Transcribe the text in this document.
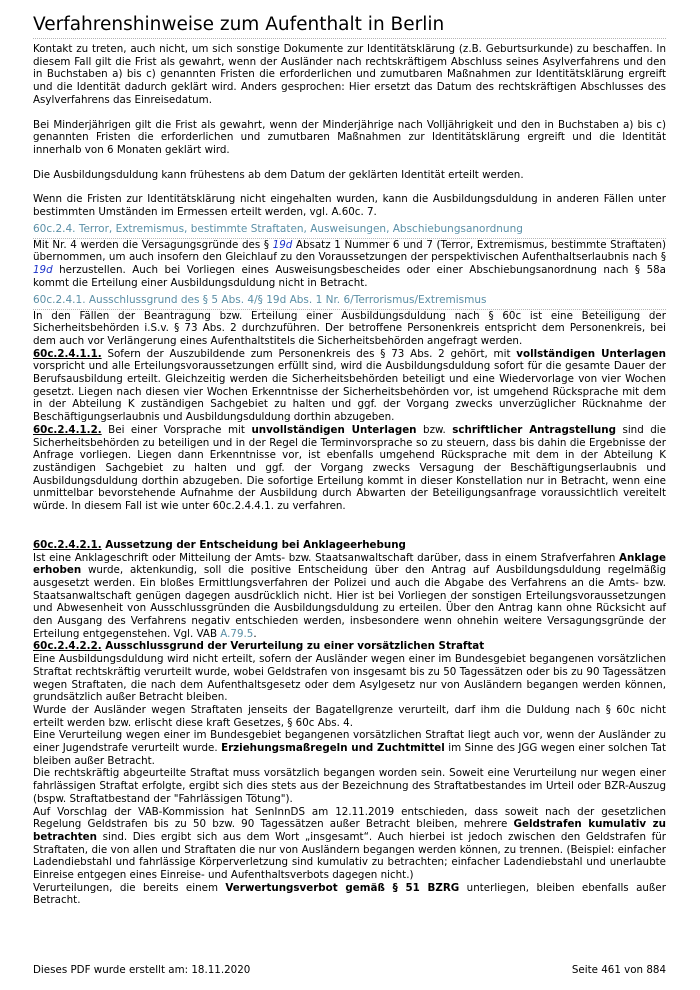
Verfahrenshinweise zum Aufenthalt in Berlin

Kontakt zu treten, auch nicht, um sich sonstige Dokumente zur Identitätsklärung (z.B. Geburtsurkunde) zu beschaffen. In diesem Fall gilt die Frist als gewahrt, wenn der Ausländer nach rechtskräftigem Abschluss seines Asylverfahrens und den in Buchstaben a) bis c) genannten Fristen die erforderlichen und zumutbaren Maßnahmen zur Identitätsklärung ergreift und die Identität dadurch geklärt wird. Anders gesprochen: Hier ersetzt das Datum des rechtskräftigen Abschlusses des Asylverfahrens das Einreisedatum.

Bei Minderjährigen gilt die Frist als gewahrt, wenn der Minderjährige nach Volljährigkeit und den in Buchstaben a) bis c) genannten Fristen die erforderlichen und zumutbaren Maßnahmen zur Identitätsklärung ergreift und die Identität innerhalb von 6 Monaten geklärt wird.

Die Ausbildungsduldung kann frühestens ab dem Datum der geklärten Identität erteilt werden.

Wenn die Fristen zur Identitätsklärung nicht eingehalten wurden, kann die Ausbildungsduldung in anderen Fällen unter bestimmten Umständen im Ermessen erteilt werden, vgl. A.60c. 7.

60c.2.4. Terror, Extremismus, bestimmte Straftaten, Ausweisungen, Abschiebungsanordnung

Mit Nr. 4 werden die Versagungsgründe des § 19d Absatz 1 Nummer 6 und 7 (Terror, Extremismus, bestimmte Straftaten) übernommen, um auch insofern den Gleichlauf zu den Voraussetzungen der perspektivischen Aufenthaltserlaubnis nach § 19d herzustellen. Auch bei Vorliegen eines Ausweisungsbescheides oder einer Abschiebungsanordnung nach § 58a kommt die Erteilung einer Ausbildungsduldung nicht in Betracht.

60c.2.4.1. Ausschlussgrund des § 5 Abs. 4/§ 19d Abs. 1 Nr. 6/Terrorismus/Extremismus

In den Fällen der Beantragung bzw. Erteilung einer Ausbildungsduldung nach § 60c ist eine Beteiligung der Sicherheitsbehörden i.S.v. § 73 Abs. 2 durchzuführen. Der betroffene Personenkreis entspricht dem Personenkreis, bei dem auch vor Verlängerung eines Aufenthaltstitels die Sicherheitsbehörden angefragt werden.

60c.2.4.1.1. Sofern der Auszubildende zum Personenkreis des § 73 Abs. 2 gehört, mit vollständigen Unterlagen vorspricht und alle Erteilungsvoraussetzungen erfüllt sind, wird die Ausbildungsduldung sofort für die gesamte Dauer der Berufsausbildung erteilt. Gleichzeitig werden die Sicherheitsbehörden beteiligt und eine Wiedervorlage von vier Wochen gesetzt. Liegen nach diesen vier Wochen Erkenntnisse der Sicherheitsbehörden vor, ist umgehend Rücksprache mit dem in der Abteilung K zuständigen Sachgebiet zu halten und ggf. der Vorgang zwecks unverzüglicher Rücknahme der Beschäftigungserlaubnis und Ausbildungsduldung dorthin abzugeben.

60c.2.4.1.2. Bei einer Vorsprache mit unvollständigen Unterlagen bzw. schriftlicher Antragstellung sind die Sicherheitsbehörden zu beteiligen und in der Regel die Terminvorsprache so zu steuern, dass bis dahin die Ergebnisse der Anfrage vorliegen. Liegen dann Erkenntnisse vor, ist ebenfalls umgehend Rücksprache mit dem in der Abteilung K zuständigen Sachgebiet zu halten und ggf. der Vorgang zwecks Versagung der Beschäftigungserlaubnis und Ausbildungsduldung dorthin abzugeben. Die sofortige Erteilung kommt in dieser Konstellation nur in Betracht, wenn eine unmittelbar bevorstehende Aufnahme der Ausbildung durch Abwarten der Beteiligungsanfrage voraussichtlich vereitelt würde. In diesem Fall ist wie unter 60c.2.4.4.1. zu verfahren.

60c.2.4.2.1. Aussetzung der Entscheidung bei Anklageerhebung

Ist eine Anklageschrift oder Mitteilung der Amts- bzw. Staatsanwaltschaft darüber, dass in einem Strafverfahren Anklage erhoben wurde, aktenkundig, soll die positive Entscheidung über den Antrag auf Ausbildungsduldung regelmäßig ausgesetzt werden. Ein bloßes Ermittlungsverfahren der Polizei und auch die Abgabe des Verfahrens an die Amts- bzw. Staatsanwaltschaft genügen dagegen ausdrücklich nicht. Hier ist bei Vorliegen der sonstigen Erteilungsvoraussetzungen und Abwesenheit von Ausschlussgründen die Ausbildungsduldung zu erteilen. Über den Antrag kann ohne Rücksicht auf den Ausgang des Verfahrens negativ entschieden werden, insbesondere wenn ohnehin weitere Versagungsgründe der Erteilung entgegenstehen. Vgl. VAB A.79.5.

60c.2.4.2.2. Ausschlussgrund der Verurteilung zu einer vorsätzlichen Straftat

Eine Ausbildungsduldung wird nicht erteilt, sofern der Ausländer wegen einer im Bundesgebiet begangenen vorsätzlichen Straftat rechtskräftig verurteilt wurde, wobei Geldstrafen von insgesamt bis zu 50 Tagessätzen oder bis zu 90 Tagessätzen wegen Straftaten, die nach dem Aufenthaltsgesetz oder dem Asylgesetz nur von Ausländern begangen werden können, grundsätzlich außer Betracht bleiben.

Wurde der Ausländer wegen Straftaten jenseits der Bagatellgrenze verurteilt, darf ihm die Duldung nach § 60c nicht erteilt werden bzw. erlischt diese kraft Gesetzes, § 60c Abs. 4.

Eine Verurteilung wegen einer im Bundesgebiet begangenen vorsätzlichen Straftat liegt auch vor, wenn der Ausländer zu einer Jugendstrafe verurteilt wurde. Erziehungsmaßregeln und Zuchtmittel im Sinne des JGG wegen einer solchen Tat bleiben außer Betracht.

Die rechtskräftig abgeurteilte Straftat muss vorsätzlich begangen worden sein. Soweit eine Verurteilung nur wegen einer fahrlässigen Straftat erfolgte, ergibt sich dies stets aus der Bezeichnung des Straftatbestandes im Urteil oder BZR-Auszug (bspw. Straftatbestand der "Fahrlässigen Tötung").

Auf Vorschlag der VAB-Kommission hat SenInnDS am 12.11.2019 entschieden, dass soweit nach der gesetzlichen Regelung Geldstrafen bis zu 50 bzw. 90 Tagessätzen außer Betracht bleiben, mehrere Geldstrafen kumulativ zu betrachten sind. Dies ergibt sich aus dem Wort „insgesamt“. Auch hierbei ist jedoch zwischen den Geldstrafen für Straftaten, die von allen und Straftaten die nur von Ausländern begangen werden können, zu trennen. (Beispiel: einfacher Ladendiebstahl und fahrlässige Körperverletzung sind kumulativ zu betrachten; einfacher Ladendiebstahl und unerlaubte Einreise entgegen eines Einreise- und Aufenthaltsverbots dagegen nicht.)

Verurteilungen, die bereits einem Verwertungsverbot gemäß § 51 BZRG unterliegen, bleiben ebenfalls außer Betracht.

Dieses PDF wurde erstellt am: 18.11.2020	Seite 461 von 884
